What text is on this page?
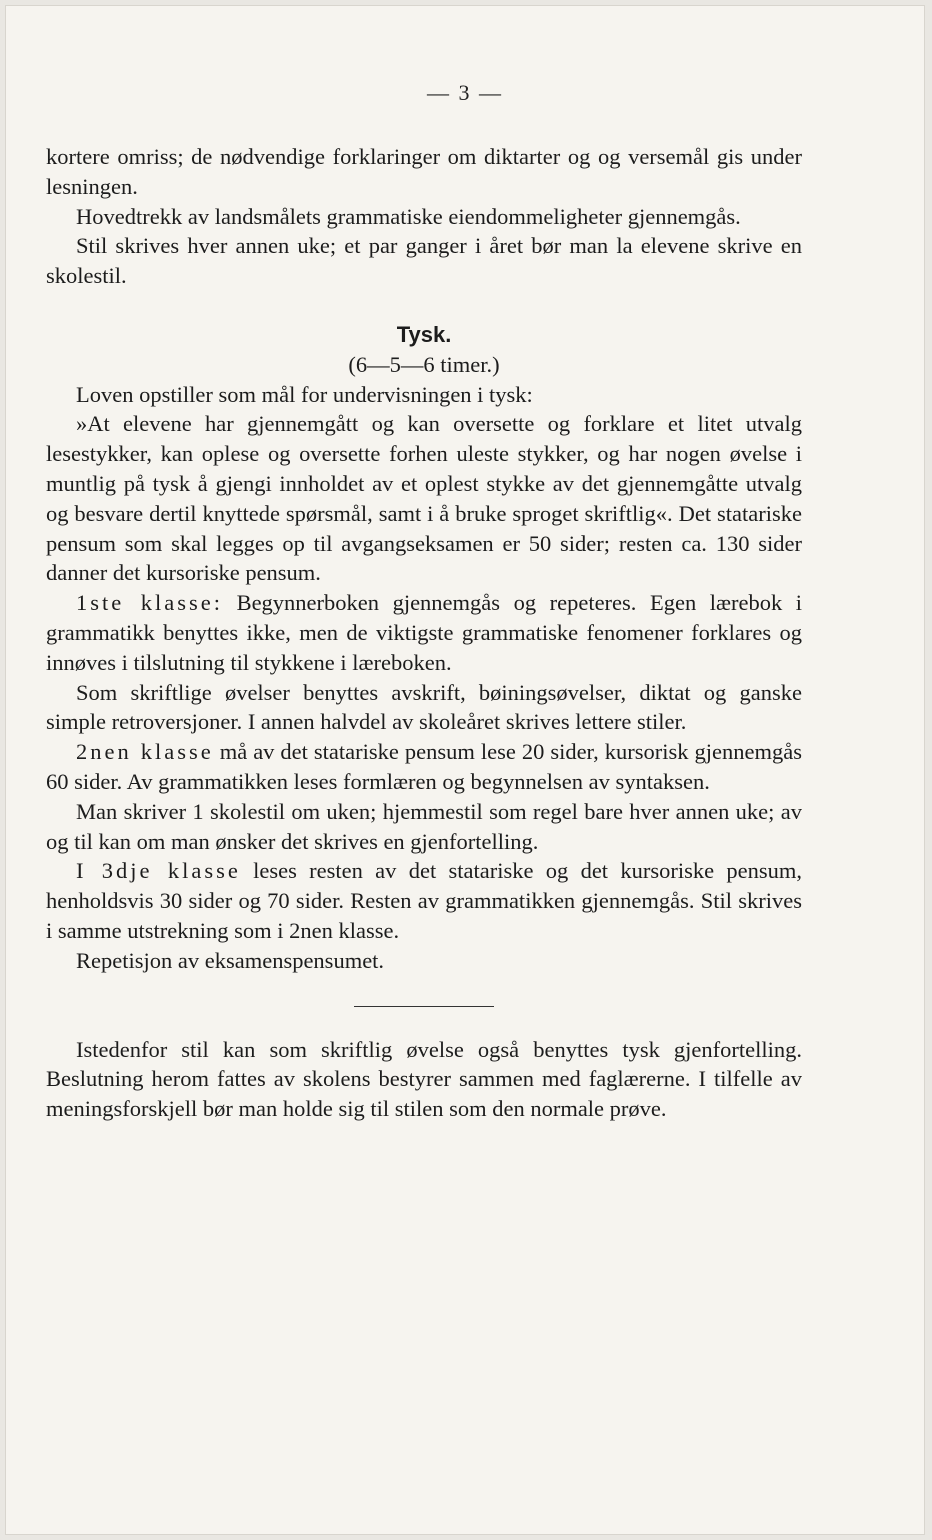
— 3 —

kortere omriss; de nødvendige forklaringer om diktarter og og versemål gis under lesningen.

Hovedtrekk av landsmålets grammatiske eiendommeligheter gjennemgås.

Stil skrives hver annen uke; et par ganger i året bør man la elevene skrive en skolestil.

Tysk.

(6—5—6 timer.)

Loven opstiller som mål for undervisningen i tysk:

»At elevene har gjennemgått og kan oversette og forklare et litet utvalg lesestykker, kan oplese og oversette forhen uleste stykker, og har nogen øvelse i muntlig på tysk å gjengi innholdet av et oplest stykke av det gjennemgåtte utvalg og besvare dertil knyttede spørsmål, samt i å bruke sproget skriftlig«. Det statariske pensum som skal legges op til avgangseksamen er 50 sider; resten ca. 130 sider danner det kursoriske pensum.

1ste klasse: Begynnerboken gjennemgås og repeteres. Egen lærebok i grammatikk benyttes ikke, men de viktigste grammatiske fenomener forklares og innøves i tilslutning til stykkene i læreboken.

Som skriftlige øvelser benyttes avskrift, bøiningsøvelser, diktat og ganske simple retroversjoner. I annen halvdel av skoleåret skrives lettere stiler.

2nen klasse må av det statariske pensum lese 20 sider, kursorisk gjennemgås 60 sider. Av grammatikken leses formlæren og begynnelsen av syntaksen.

Man skriver 1 skolestil om uken; hjemmestil som regel bare hver annen uke; av og til kan om man ønsker det skrives en gjenfortelling.

I 3dje klasse leses resten av det statariske og det kursoriske pensum, henholdsvis 30 sider og 70 sider. Resten av grammatikken gjennemgås. Stil skrives i samme utstrekning som i 2nen klasse.

Repetisjon av eksamenspensumet.

Istedenfor stil kan som skriftlig øvelse også benyttes tysk gjenfortelling. Beslutning herom fattes av skolens bestyrer sammen med faglærerne. I tilfelle av meningsforskjell bør man holde sig til stilen som den normale prøve.
